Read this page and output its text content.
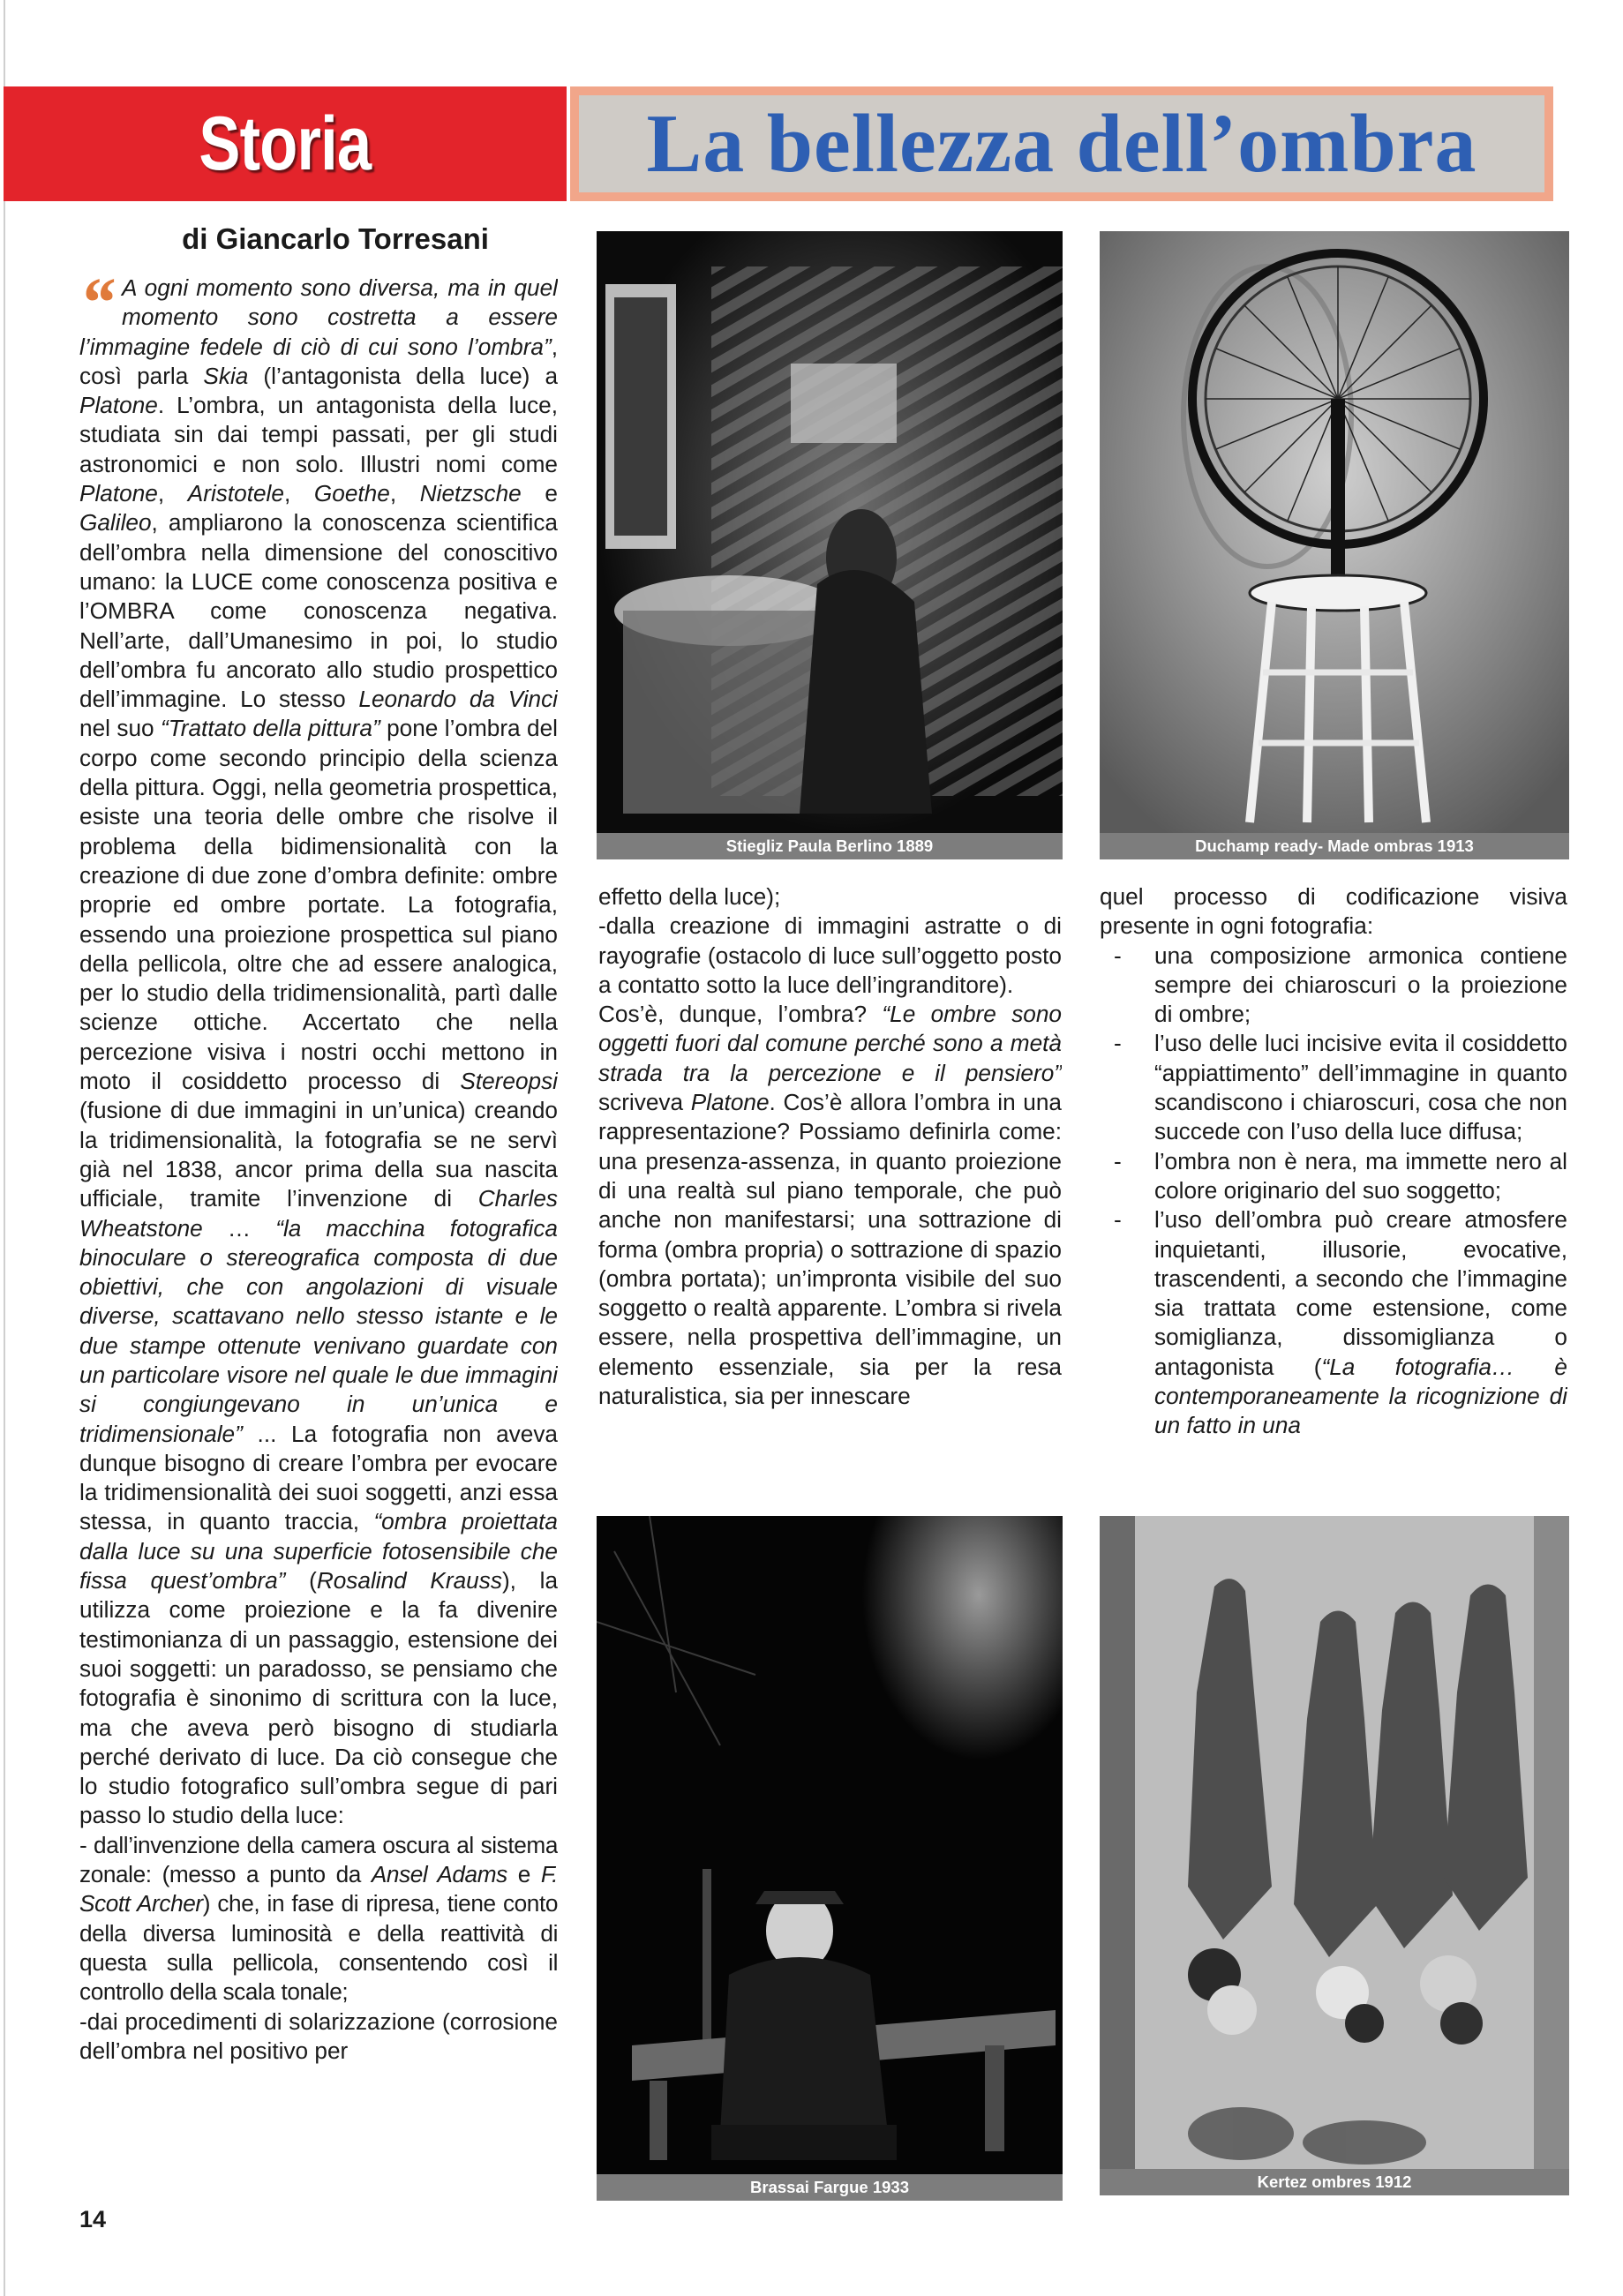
Storia	La bellezza dell’ombra
di Giancarlo Torresani

“ A ogni momento sono diversa, ma in quel momento sono costretta a essere l’immagine fedele di ciò di cui sono l’ombra”, così parla Skia (l’antagonista della luce) a Platone. L’ombra, un antagonista della luce, studiata sin dai tempi passati, per gli studi astronomici e non solo. Illustri nomi come Platone, Aristotele, Goethe, Nietzsche e Galileo, ampliarono la conoscenza scientifica dell’ombra nella dimensione del conoscitivo umano: la LUCE come conoscenza positiva e l’OMBRA come conoscenza negativa. Nell’arte, dall’Umanesimo in poi, lo studio dell’ombra fu ancorato allo studio prospettico dell’immagine. Lo stesso Leonardo da Vinci nel suo “Trattato della pittura” pone l’ombra del corpo come secondo principio della scienza della pittura. Oggi, nella geometria prospettica, esiste una teoria delle ombre che risolve il problema della bidimensionalità con la creazione di due zone d’ombra definite: ombre proprie ed ombre portate. La fotografia, essendo una proiezione prospettica sul piano della pellicola, oltre che ad essere analogica, per lo studio della tridimensionalità, partì dalle scienze ottiche. Accertato che nella percezione visiva i nostri occhi mettono in moto il cosiddetto processo di Stereopsi (fusione di due immagini in un’unica) creando la tridimensionalità, la fotografia se ne servì già nel 1838, ancor prima della sua nascita ufficiale, tramite l’invenzione di Charles Wheatstone … “la macchina fotografica binoculare o stereografica composta di due obiettivi, che con angolazioni di visuale diverse, scattavano nello stesso istante e le due stampe ottenute venivano guardate con un particolare visore nel quale le due immagini si congiungevano in un’unica e tridimensionale” ... La fotografia non aveva dunque bisogno di creare l’ombra per evocare la tridimensionalità dei suoi soggetti, anzi essa stessa, in quanto traccia, “ombra proiettata dalla luce su una superficie fotosensibile che fissa quest’ombra” (Rosalind Krauss), la utilizza come proiezione e la fa divenire testimonianza di un passaggio, estensione dei suoi soggetti: un paradosso, se pensiamo che fotografia è sinonimo di scrittura con la luce, ma che aveva però bisogno di studiarla perché derivato di luce. Da ciò consegue che lo studio fotografico sull’ombra segue di pari passo lo studio della luce:

- dall’invenzione della camera oscura al sistema zonale: (messo a punto da Ansel Adams e F. Scott Archer) che, in fase di ripresa, tiene conto della diversa luminosità e della reattività di questa sulla pellicola, consentendo così il controllo della scala tonale;

-dai procedimenti di solarizzazione (corrosione dell’ombra nel positivo per

effetto della luce);

-dalla creazione di immagini astratte o di rayografie (ostacolo di luce sull’oggetto posto a contatto sotto la luce dell’ingranditore).

Cos’è, dunque, l’ombra? “Le ombre sono oggetti fuori dal comune perché sono a metà strada tra la percezione e il pensiero” scriveva Platone. Cos’è allora l’ombra in una rappresentazione? Possiamo definirla come: una presenza-assenza, in quanto proiezione di una realtà sul piano temporale, che può anche non manifestarsi; una sottrazione di forma (ombra propria) o sottrazione di spazio (ombra portata); un’impronta visibile del suo soggetto o realtà apparente. L’ombra si rivela essere, nella prospettiva dell’immagine, un elemento essenziale, sia per la resa naturalistica, sia per innescare

quel processo di codificazione visiva presente in ogni fotografia:

- una composizione armonica contiene sempre dei chiaroscuri o la proiezione di ombre;

- l’uso delle luci incisive evita il cosiddetto “appiattimento” dell’immagine in quanto scandiscono i chiaroscuri, cosa che non succede con l’uso della luce diffusa;

- l’ombra non è nera, ma immette nero al colore originario del suo soggetto;

- l’uso dell’ombra può creare atmosfere inquietanti, illusorie, evocative, trascendenti, a secondo che l’immagine sia trattata come estensione, come somiglianza, dissomiglianza o antagonista (“La fotografia… è contemporaneamente la ricognizione di un fatto in una

Stiegliz Paula Berlino 1889	Duchamp ready- Made ombras 1913
Brassai Fargue 1933	Kertez ombres 1912
14
